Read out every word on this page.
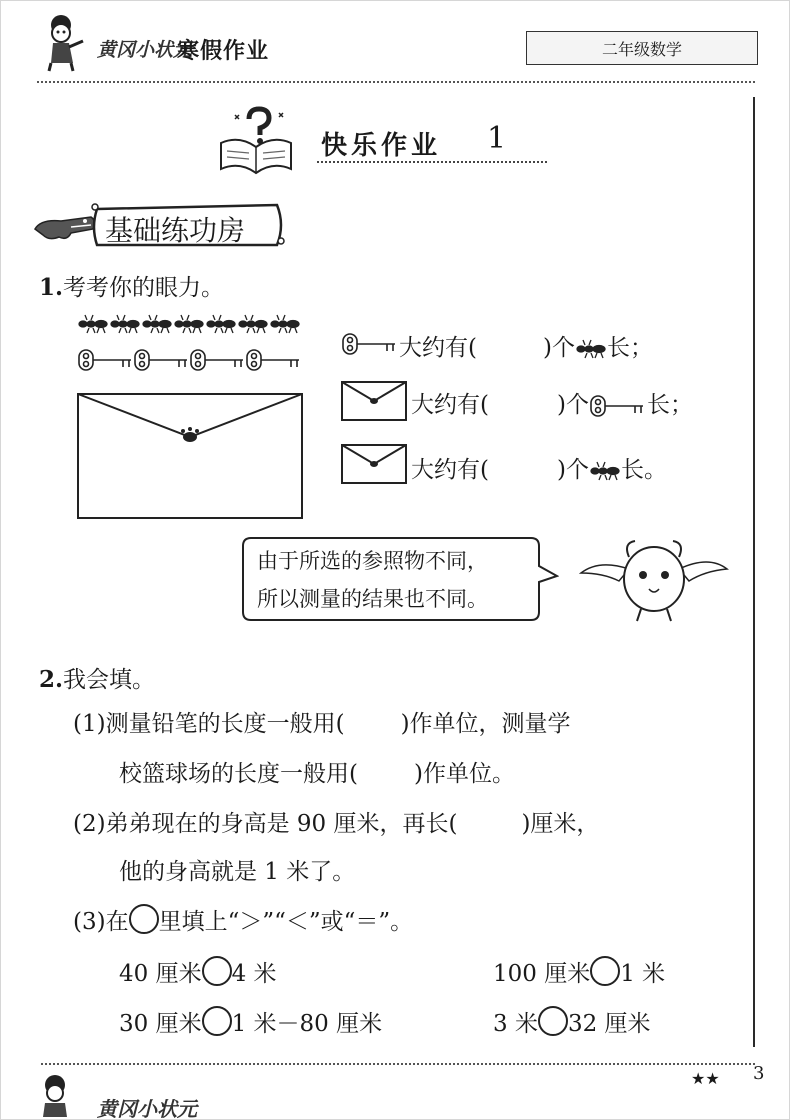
黄冈小状元
寒假作业	二年级数学
快乐作业 1
基础练功房
1.考考你的眼力。
大约有(	)个 长；
大约有(	)个	长；
大约有(	)个 长。
由于所选的参照物不同，
所以测量的结果也不同。
2.我会填。
(1)测量铅笔的长度一般用( )作单位，测量学
校篮球场的长度一般用( )作单位。
(2)弟弟现在的身高是 90 厘米，再长(	)厘米，
他的身高就是 1 米了。
(3)在 里填上“＞”“＜”或“＝”。
40 厘米 4 米	100 厘米 1 米
30 厘米 1 米－80 厘米	3 米 32 厘米
黄冈小状元
★★ 3
